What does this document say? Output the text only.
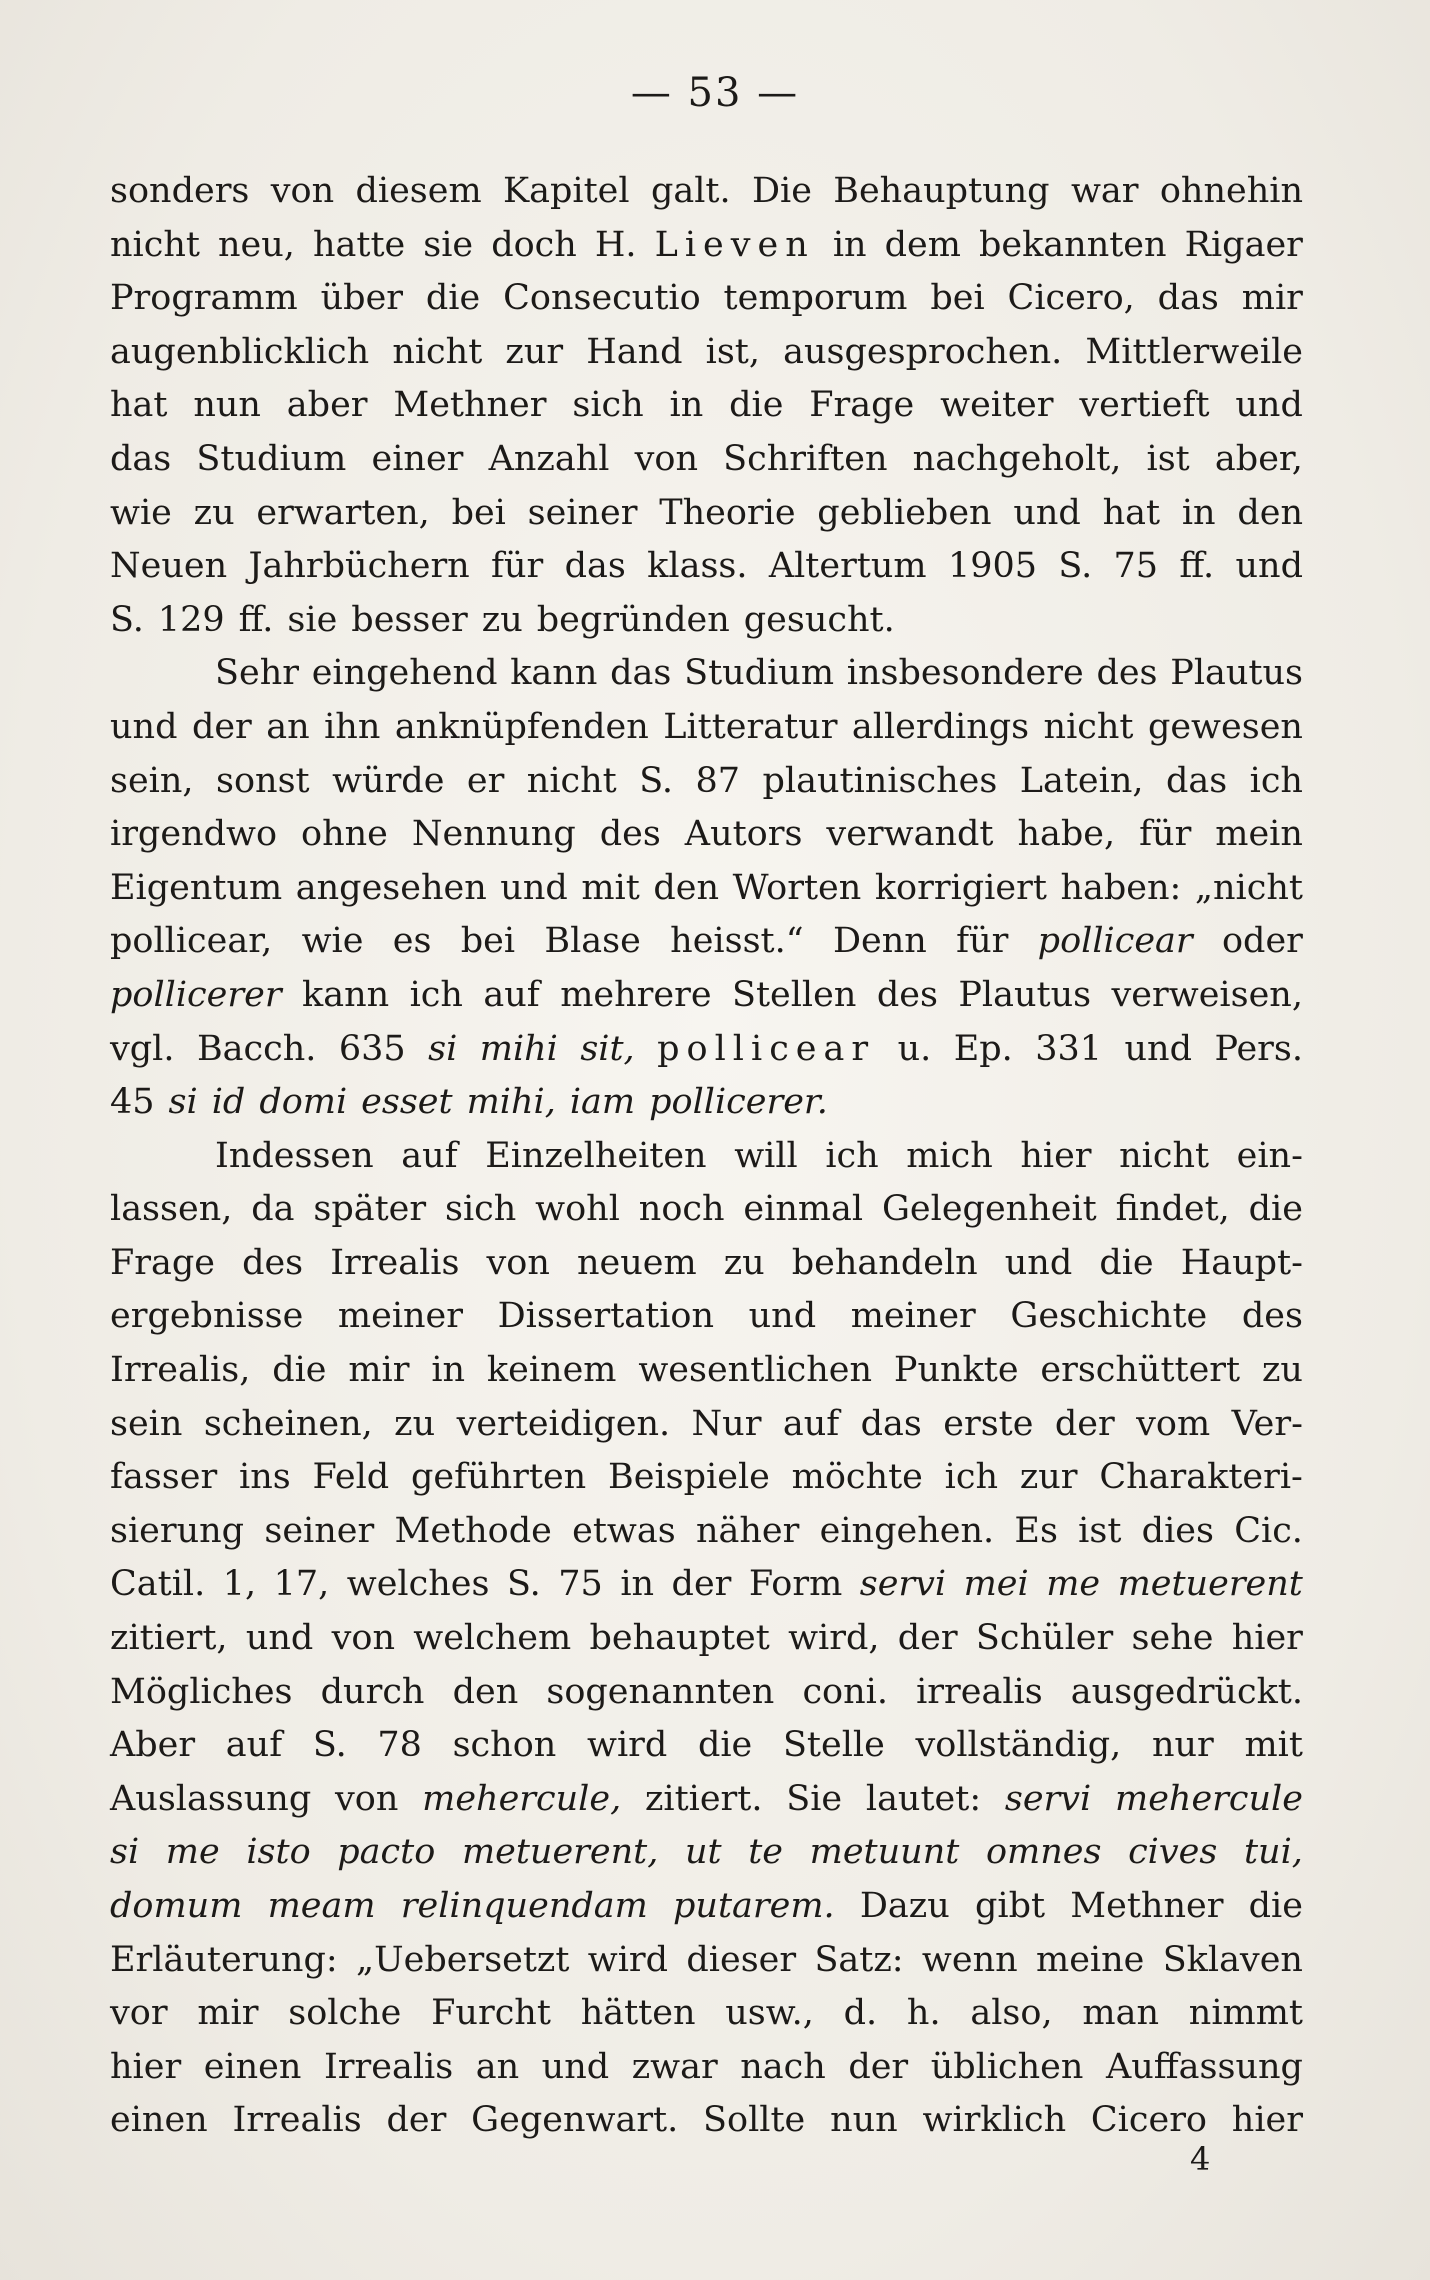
— 53 —
sonders von diesem Kapitel galt. Die Behauptung war ohnehin
nicht neu, hatte sie doch H. Lieven in dem bekannten Rigaer
Programm über die Consecutio temporum bei Cicero, das mir
augenblicklich nicht zur Hand ist, ausgesprochen. Mittlerweile
hat nun aber Methner sich in die Frage weiter vertieft und
das Studium einer Anzahl von Schriften nachgeholt, ist aber,
wie zu erwarten, bei seiner Theorie geblieben und hat in den
Neuen Jahrbüchern für das klass. Altertum 1905 S. 75 ff. und
S. 129 ff. sie besser zu begründen gesucht.
Sehr eingehend kann das Studium insbesondere des Plautus
und der an ihn anknüpfenden Litteratur allerdings nicht gewesen
sein, sonst würde er nicht S. 87 plautinisches Latein, das ich
irgendwo ohne Nennung des Autors verwandt habe, für mein
Eigentum angesehen und mit den Worten korrigiert haben: „nicht
pollicear, wie es bei Blase heisst.“ Denn für pollicear oder
pollicerer kann ich auf mehrere Stellen des Plautus verweisen,
vgl. Bacch. 635 si mihi sit, pollicear u. Ep. 331 und Pers.
45 si id domi esset mihi, iam pollicerer.
Indessen auf Einzelheiten will ich mich hier nicht ein-
lassen, da später sich wohl noch einmal Gelegenheit findet, die
Frage des Irrealis von neuem zu behandeln und die Haupt-
ergebnisse meiner Dissertation und meiner Geschichte des
Irrealis, die mir in keinem wesentlichen Punkte erschüttert zu
sein scheinen, zu verteidigen. Nur auf das erste der vom Ver-
fasser ins Feld geführten Beispiele möchte ich zur Charakteri-
sierung seiner Methode etwas näher eingehen. Es ist dies Cic.
Catil. 1, 17, welches S. 75 in der Form servi mei me metuerent
zitiert, und von welchem behauptet wird, der Schüler sehe hier
Mögliches durch den sogenannten coni. irrealis ausgedrückt.
Aber auf S. 78 schon wird die Stelle vollständig, nur mit
Auslassung von mehercule, zitiert. Sie lautet: servi mehercule
si me isto pacto metuerent, ut te metuunt omnes cives tui,
domum meam relinquendam putarem. Dazu gibt Methner die
Erläuterung: „Uebersetzt wird dieser Satz: wenn meine Sklaven
vor mir solche Furcht hätten usw., d. h. also, man nimmt
hier einen Irrealis an und zwar nach der üblichen Auffassung
einen Irrealis der Gegenwart. Sollte nun wirklich Cicero hier
4
